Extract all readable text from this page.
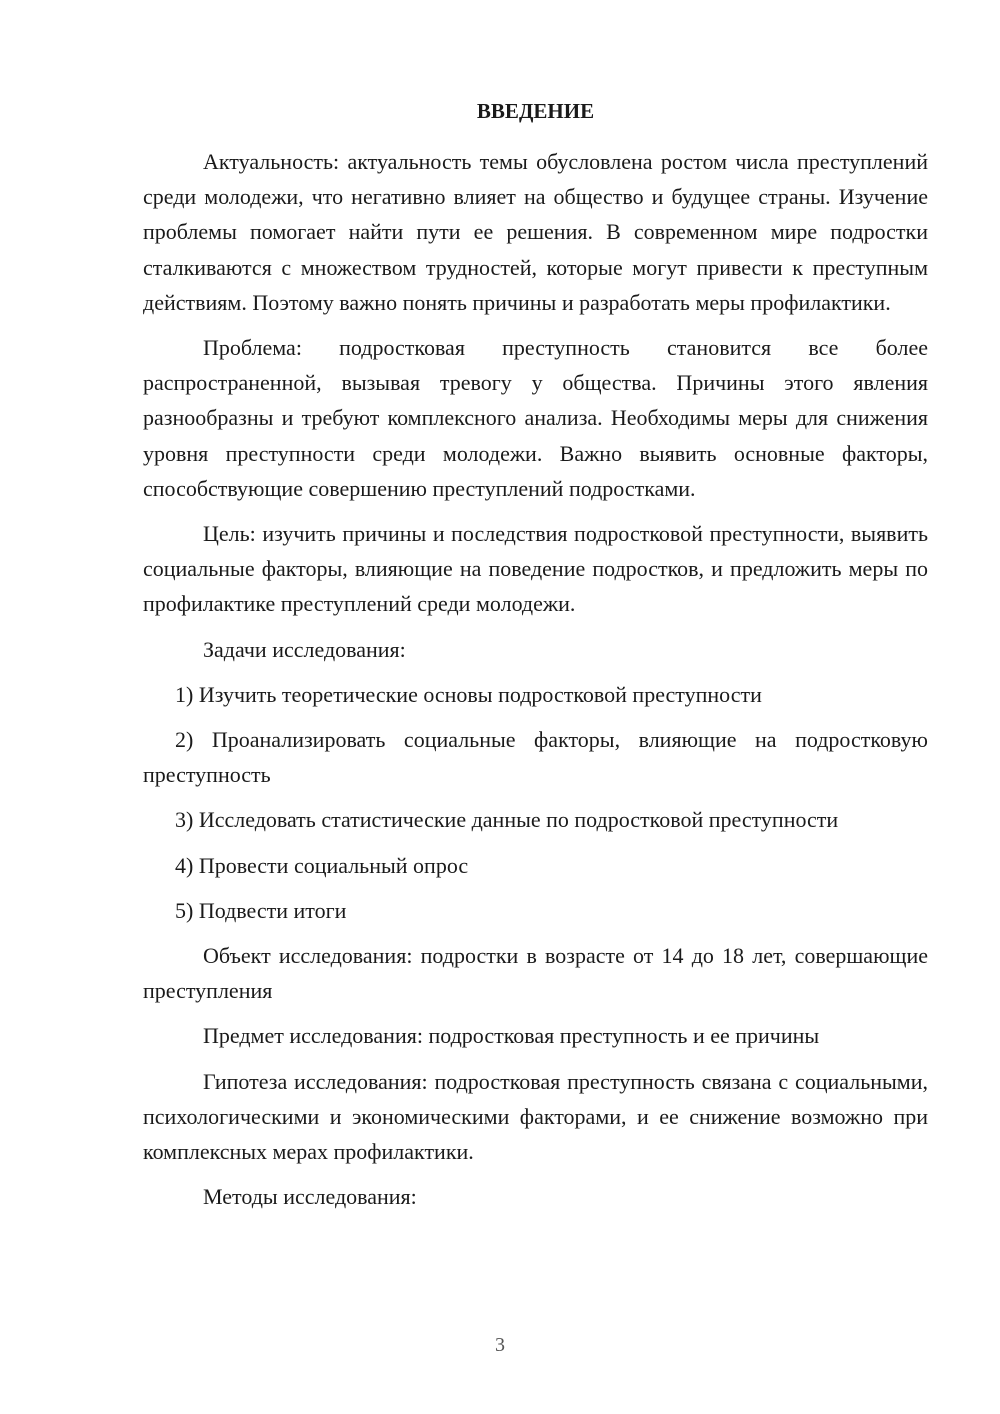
ВВЕДЕНИЕ

Актуальность: актуальность темы обусловлена ростом числа преступлений среди молодежи, что негативно влияет на общество и будущее страны. Изучение проблемы помогает найти пути ее решения. В современном мире подростки сталкиваются с множеством трудностей, которые могут привести к преступным действиям. Поэтому важно понять причины и разработать меры профилактики.

Проблема: подростковая преступность становится все более распространенной, вызывая тревогу у общества. Причины этого явления разнообразны и требуют комплексного анализа. Необходимы меры для снижения уровня преступности среди молодежи. Важно выявить основные факторы, способствующие совершению преступлений подростками.

Цель: изучить причины и последствия подростковой преступности, выявить социальные факторы, влияющие на поведение подростков, и предложить меры по профилактике преступлений среди молодежи.

Задачи исследования:

1) Изучить теоретические основы подростковой преступности

2) Проанализировать социальные факторы, влияющие на подростковую преступность

3) Исследовать статистические данные по подростковой преступности

4) Провести социальный опрос

5) Подвести итоги

Объект исследования: подростки в возрасте от 14 до 18 лет, совершающие преступления

Предмет исследования: подростковая преступность и ее причины

Гипотеза исследования: подростковая преступность связана с социальными, психологическими и экономическими факторами, и ее снижение возможно при комплексных мерах профилактики.

Методы исследования:

3
